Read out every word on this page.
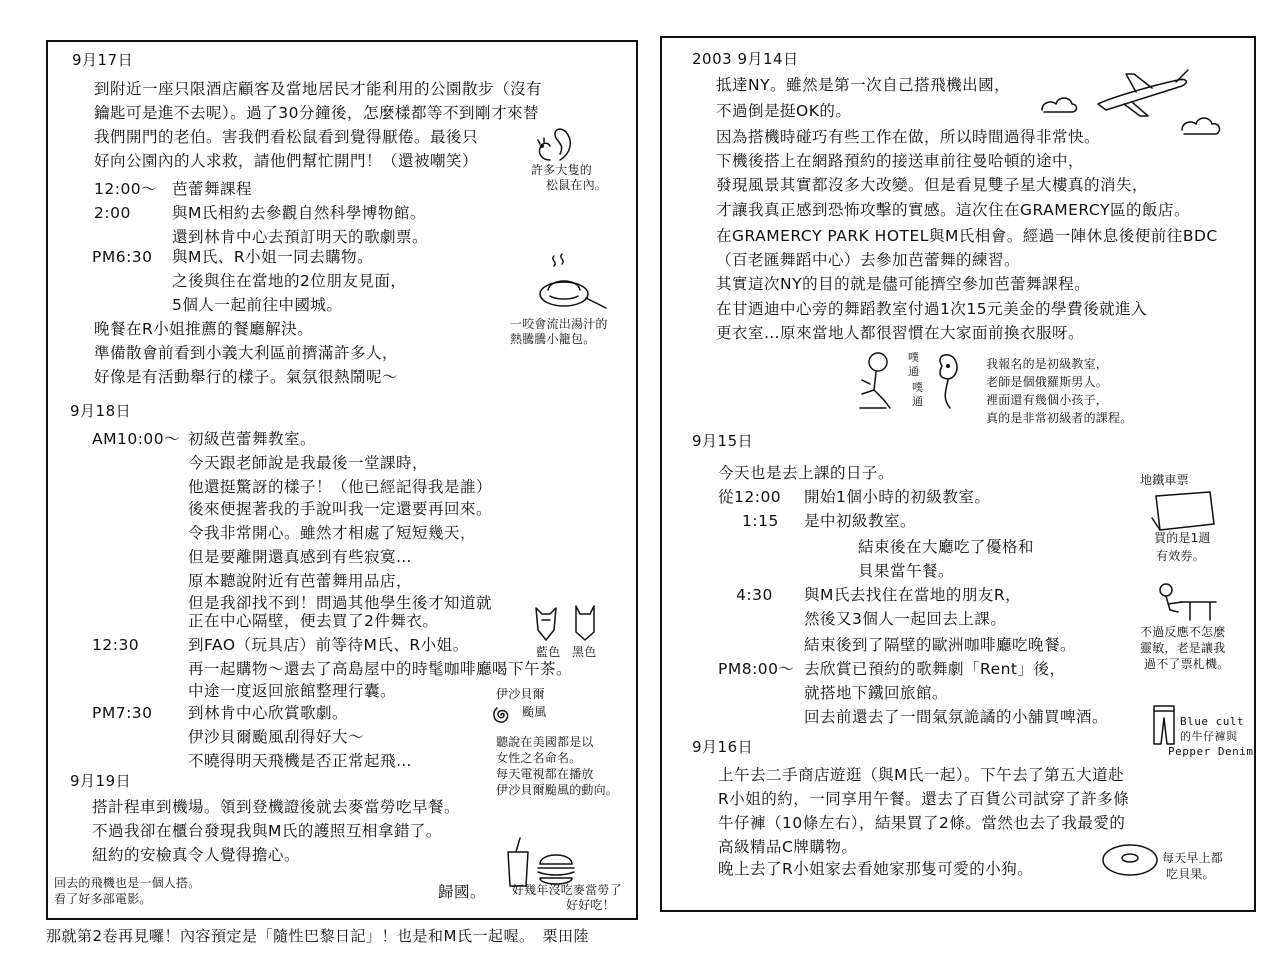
9月17日
到附近一座只限酒店顧客及當地居民才能利用的公園散步（沒有
鑰匙可是進不去呢）。過了30分鐘後，怎麼樣都等不到剛才來替
我們開門的老伯。害我們看松鼠看到覺得厭倦。最後只
好向公園內的人求救，請他們幫忙開門！（還被嘲笑）	許多大隻的
松鼠在內。
12:00～ 芭蕾舞課程
2:00	與M氏相約去參觀自然科學博物館。
還到林肯中心去預訂明天的歌劇票。
PM6:30 與M氏、R小姐一同去購物。
之後與住在當地的2位朋友見面，
5個人一起前往中國城。
晚餐在R小姐推薦的餐廳解決。
準備散會前看到小義大利區前擠滿許多人，
好像是有活動舉行的樣子。氣氛很熱鬧呢～
一咬會流出湯汁的
熱騰騰小籠包。
9月18日
AM10:00～ 初級芭蕾舞教室。
今天跟老師說是我最後一堂課時，
他還挺驚訝的樣子！（他已經記得我是誰）
後來便握著我的手說叫我一定還要再回來。
令我非常開心。雖然才相處了短短幾天，
但是要離開還真感到有些寂寞…
原本聽說附近有芭蕾舞用品店，
但是我卻找不到！問過其他學生後才知道就
正在中心隔壁，便去買了2件舞衣。
12:30	到FAO（玩具店）前等待M氏、R小姐。
再一起購物～還去了高島屋中的時髦咖啡廳喝下午茶。
中途一度返回旅館整理行囊。
PM7:30 到林肯中心欣賞歌劇。
伊沙貝爾颱風刮得好大～
不曉得明天飛機是否正常起飛…
藍色 黑色
伊沙貝爾
颱風
聽說在美國都是以
女性之名命名。
每天電視都在播放
伊沙貝爾颱風的動向。
9月19日
搭計程車到機場。領到登機證後就去麥當勞吃早餐。
不過我卻在櫃台發現我與M氏的護照互相拿錯了。
紐約的安檢真令人覺得擔心。
回去的飛機也是一個人搭。
看了好多部電影。	歸國。 好幾年沒吃麥當勞了
好好吃！
那就第2卷再見囉！內容預定是「隨性巴黎日記」！也是和M氏一起喔。　栗田陸
2003 9月14日
抵達NY。雖然是第一次自己搭飛機出國，
不過倒是挺OK的。
因為搭機時碰巧有些工作在做，所以時間過得非常快。
下機後搭上在網路預約的接送車前往曼哈頓的途中，
發現風景其實都沒多大改變。但是看見雙子星大樓真的消失，
才讓我真正感到恐怖攻擊的實感。這次住在GRAMERCY區的飯店。
在GRAMERCY PARK HOTEL與M氏相會。經過一陣休息後便前往BDC
（百老匯舞蹈中心）去參加芭蕾舞的練習。
其實這次NY的目的就是儘可能擠空參加芭蕾舞課程。
在甘迺迪中心旁的舞蹈教室付過1次15元美金的學費後就進入
更衣室…原來當地人都很習慣在大家面前換衣服呀。
噗
通
噗
通
我報名的是初級教室，
老師是個俄羅斯男人。
裡面還有幾個小孩子，
真的是非常初級者的課程。
9月15日
今天也是去上課的日子。
從12:00 開始1個小時的初級教室。
1:15 是中初級教室。
結束後在大廳吃了優格和
貝果當午餐。
4:30 與M氏去找住在當地的朋友R，
然後又3個人一起回去上課。
結束後到了隔壁的歐洲咖啡廳吃晚餐。
PM8:00～ 去欣賞已預約的歌舞劇「Rent」後，
就搭地下鐵回旅館。
回去前還去了一間氣氛詭譎的小舖買啤酒。
地鐵車票
買的是1週
有效券。
不過反應不怎麼
靈敏，老是讓我
過不了票札機。
Blue cult
的牛仔褲與
Pepper Denim
9月16日
上午去二手商店遊逛（與M氏一起）。下午去了第五大道赴
R小姐的約，一同享用午餐。還去了百貨公司試穿了許多條
牛仔褲（10條左右），結果買了2條。當然也去了我最愛的
高級精品C牌購物。
晚上去了R小姐家去看她家那隻可愛的小狗。
每天早上都
吃貝果。
